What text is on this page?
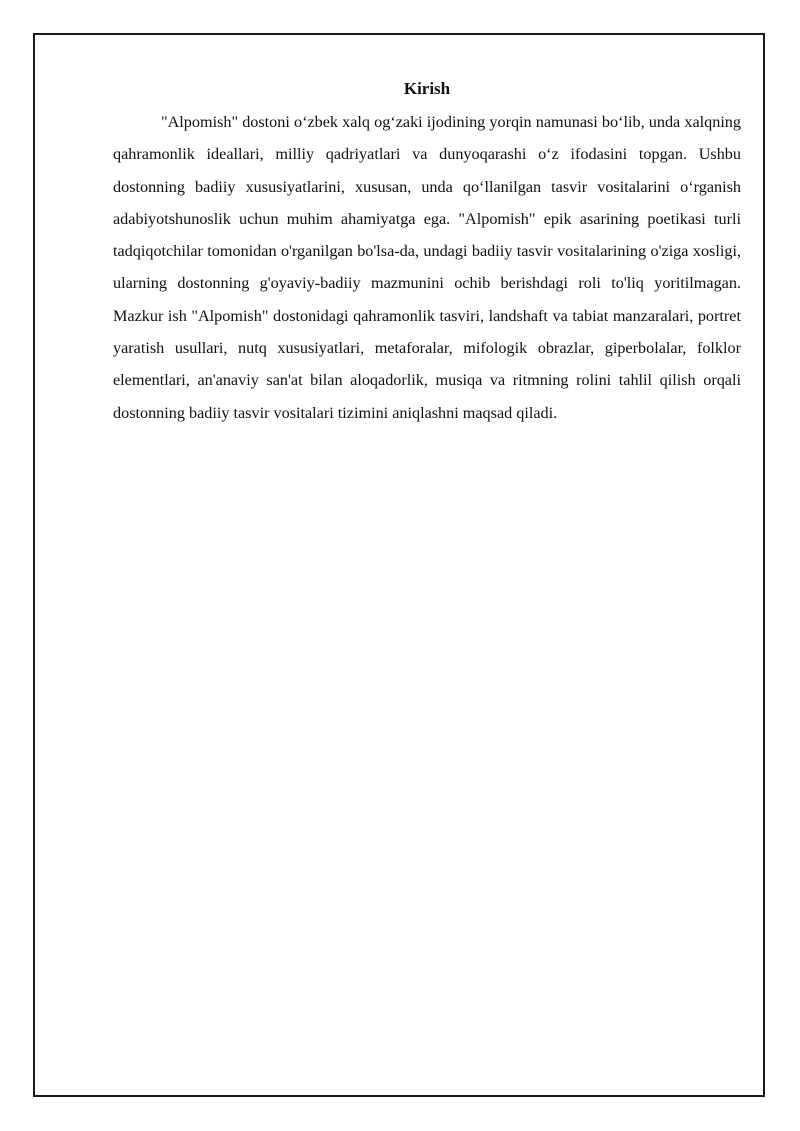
Kirish

"Alpomish" dostoni o‘zbek xalq og‘zaki ijodining yorqin namunasi bo‘lib, unda xalqning qahramonlik ideallari, milliy qadriyatlari va dunyoqarashi o‘z ifodasini topgan. Ushbu dostonning badiiy xususiyatlarini, xususan, unda qo‘llanilgan tasvir vositalarini o‘rganish adabiyotshunoslik uchun muhim ahamiyatga ega. "Alpomish" epik asarining poetikasi turli tadqiqotchilar tomonidan o'rganilgan bo'lsa-da, undagi badiiy tasvir vositalarining o'ziga xosligi, ularning dostonning g'oyaviy-badiiy mazmunini ochib berishdagi roli to'liq yoritilmagan. Mazkur ish "Alpomish" dostonidagi qahramonlik tasviri, landshaft va tabiat manzaralari, portret yaratish usullari, nutq xususiyatlari, metaforalar, mifologik obrazlar, giperbolalar, folklor elementlari, an'anaviy san'at bilan aloqadorlik, musiqa va ritmning rolini tahlil qilish orqali dostonning badiiy tasvir vositalari tizimini aniqlashni maqsad qiladi.
